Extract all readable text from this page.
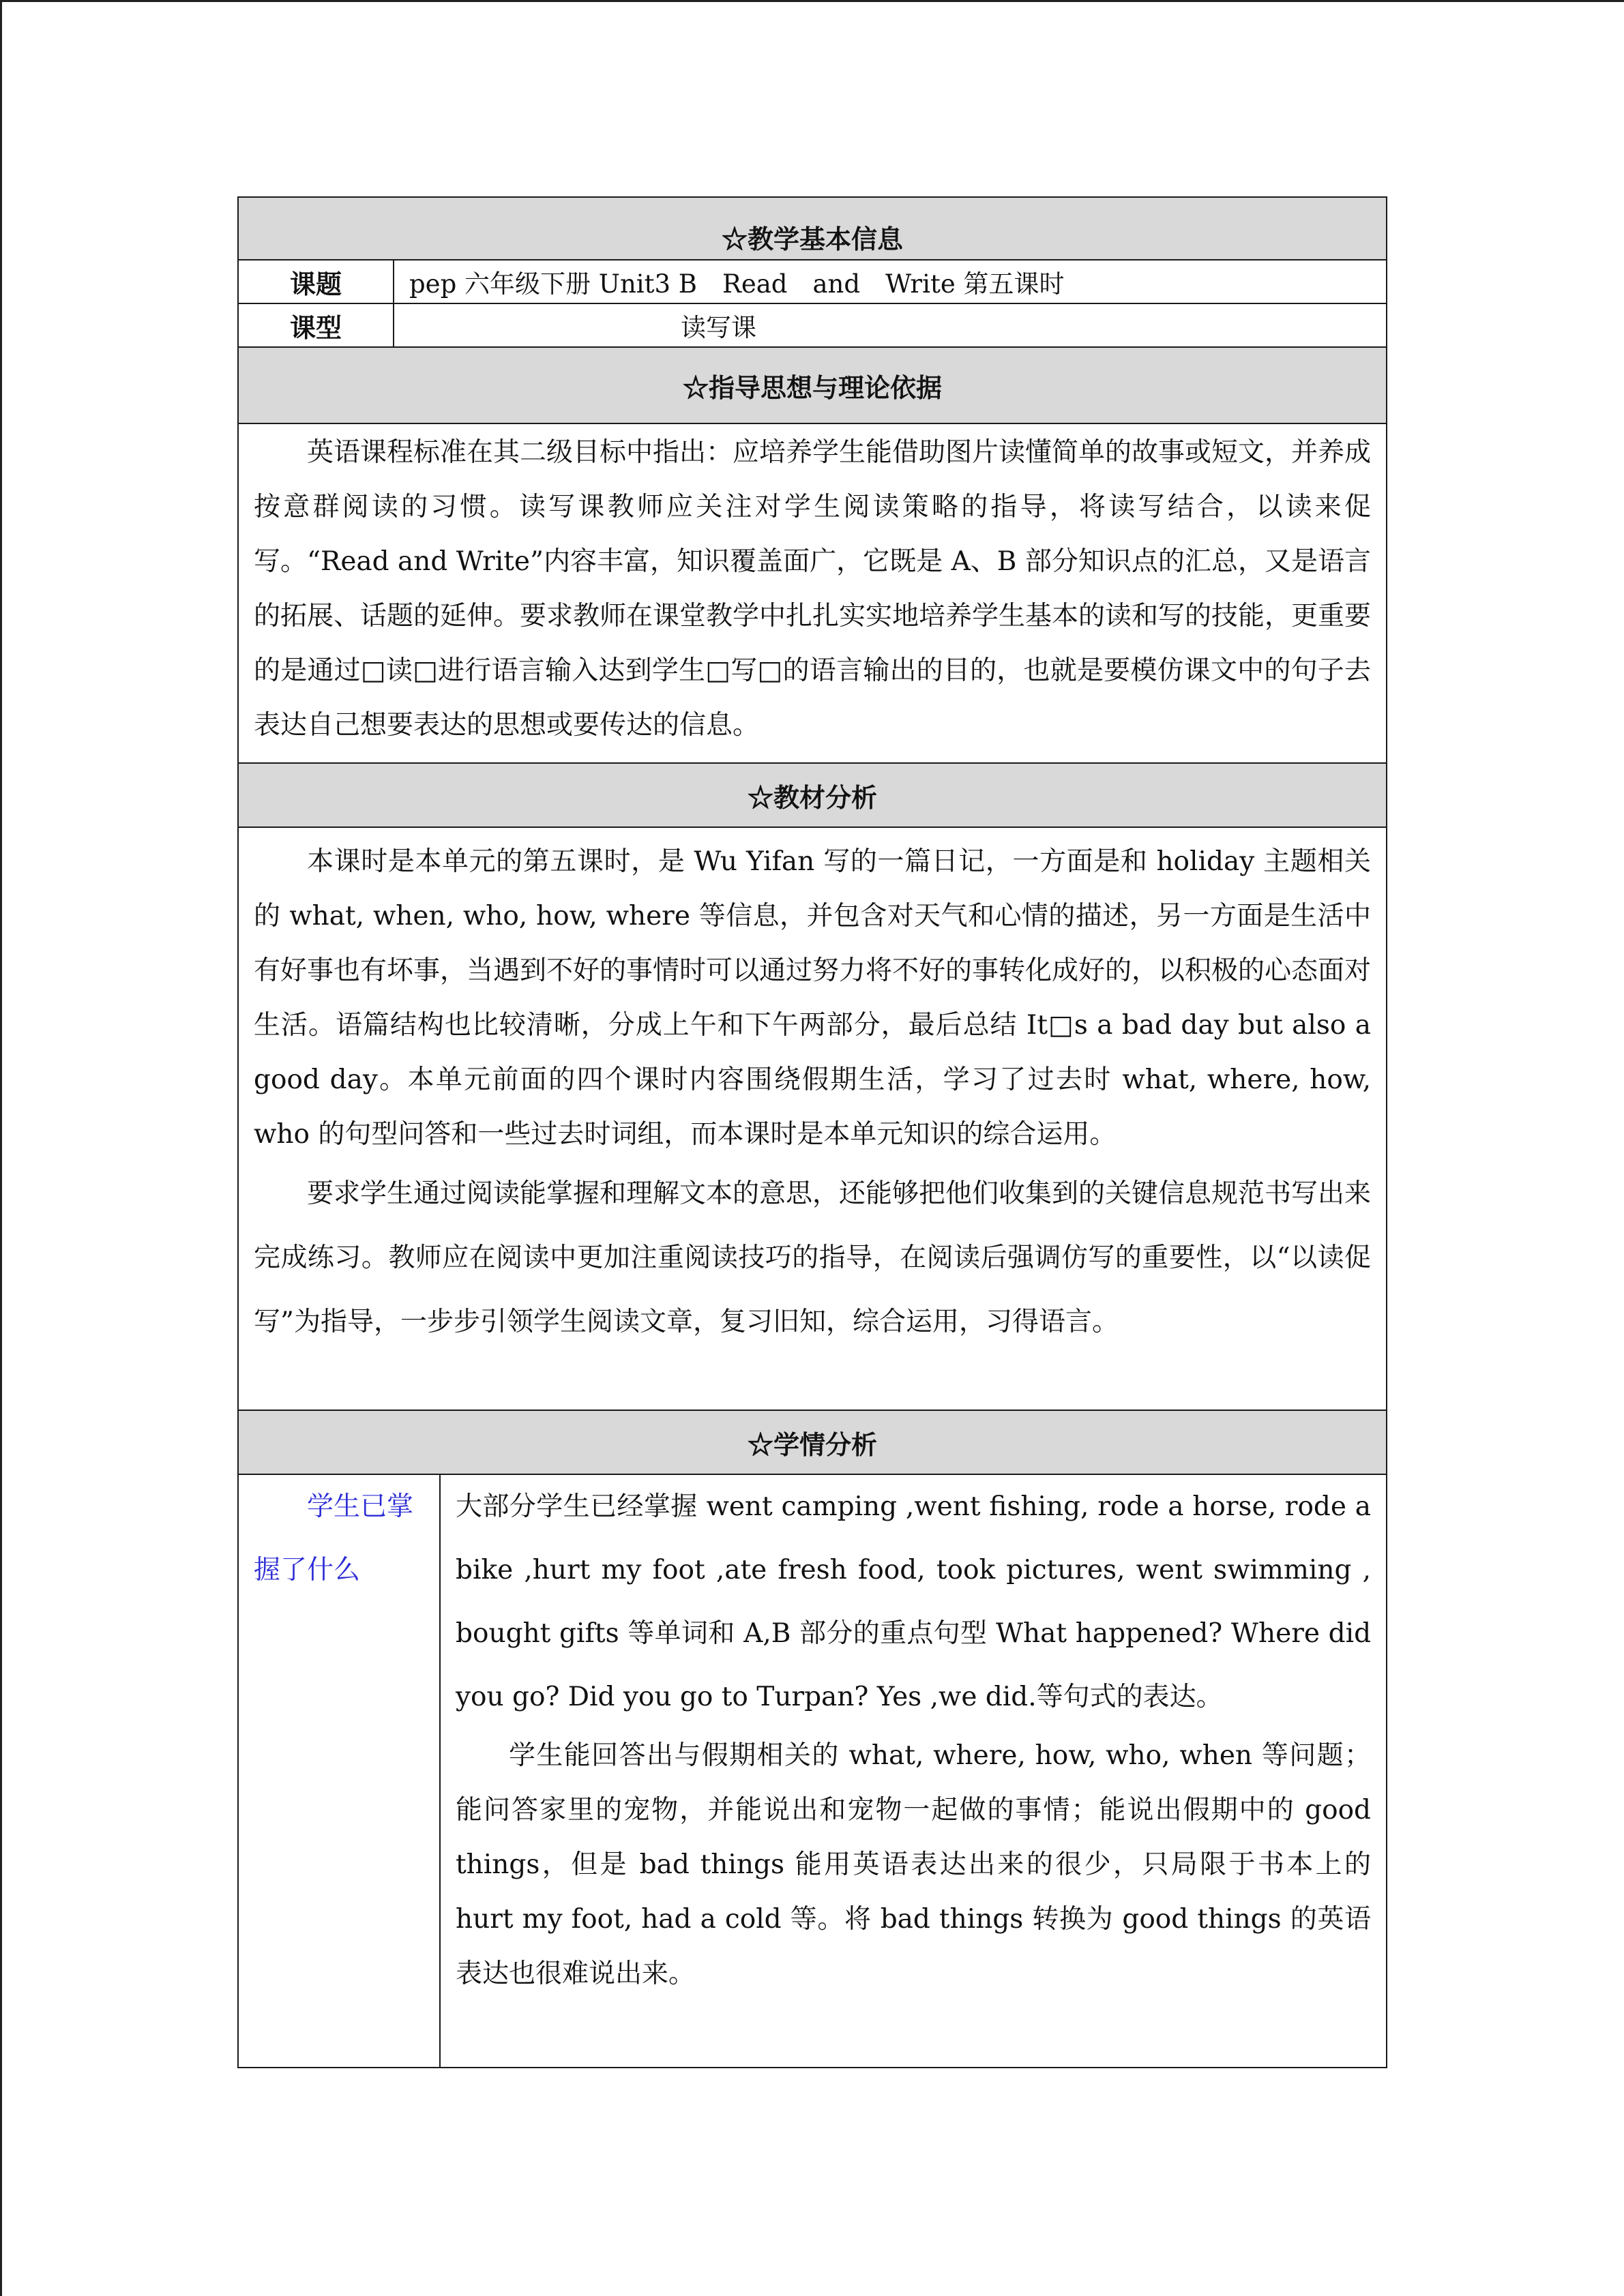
☆教学基本信息		
课题	pep 六年级下册 Unit3 B　Read　and　Write 第五课时	
课型	读写课	
☆指导思想与理论依据		

英语课程标准在其二级目标中指出：应培养学生能借助图片读懂简单的故事或短文，并养成按意群阅读的习惯。读写课教师应关注对学生阅读策略的指导，将读写结合，以读来促写。“Read and Write”内容丰富，知识覆盖面广，它既是 A、B 部分知识点的汇总，又是语言的拓展、话题的延伸。要求教师在课堂教学中扎扎实实地培养学生基本的读和写的技能，更重要的是通过□读□进行语言输入达到学生□写□的语言输出的目的，也就是要模仿课文中的句子去表达自己想要表达的思想或要传达的信息。		

☆教材分析		

本课时是本单元的第五课时，是 Wu Yifan 写的一篇日记，一方面是和 holiday 主题相关的 what, when, who, how, where 等信息，并包含对天气和心情的描述，另一方面是生活中有好事也有坏事，当遇到不好的事情时可以通过努力将不好的事转化成好的，以积极的心态面对生活。语篇结构也比较清晰，分成上午和下午两部分，最后总结 It□s a bad day but also a good day。本单元前面的四个课时内容围绕假期生活，学习了过去时 what, where, how, who 的句型问答和一些过去时词组，而本课时是本单元知识的综合运用。

要求学生通过阅读能掌握和理解文本的意思，还能够把他们收集到的关键信息规范书写出来完成练习。教师应在阅读中更加注重阅读技巧的指导，在阅读后强调仿写的重要性，以“以读促写”为指导，一步步引领学生阅读文章，复习旧知，综合运用，习得语言。		

☆学情分析		

学生已掌握了什么		大部分学生已经掌握 went camping ,went fishing, rode a horse, rode a bike ,hurt my foot ,ate fresh food, took pictures, went swimming , bought gifts 等单词和 A,B 部分的重点句型 What happened? Where did you go? Did you go to Turpan? Yes ,we did.等句式的表达。

学生能回答出与假期相关的 what, where, how, who, when 等问题；能问答家里的宠物，并能说出和宠物一起做的事情；能说出假期中的 good things，但是 bad things 能用英语表达出来的很少，只局限于书本上的 hurt my foot, had a cold 等。将 bad things 转换为 good things 的英语表达也很难说出来。
